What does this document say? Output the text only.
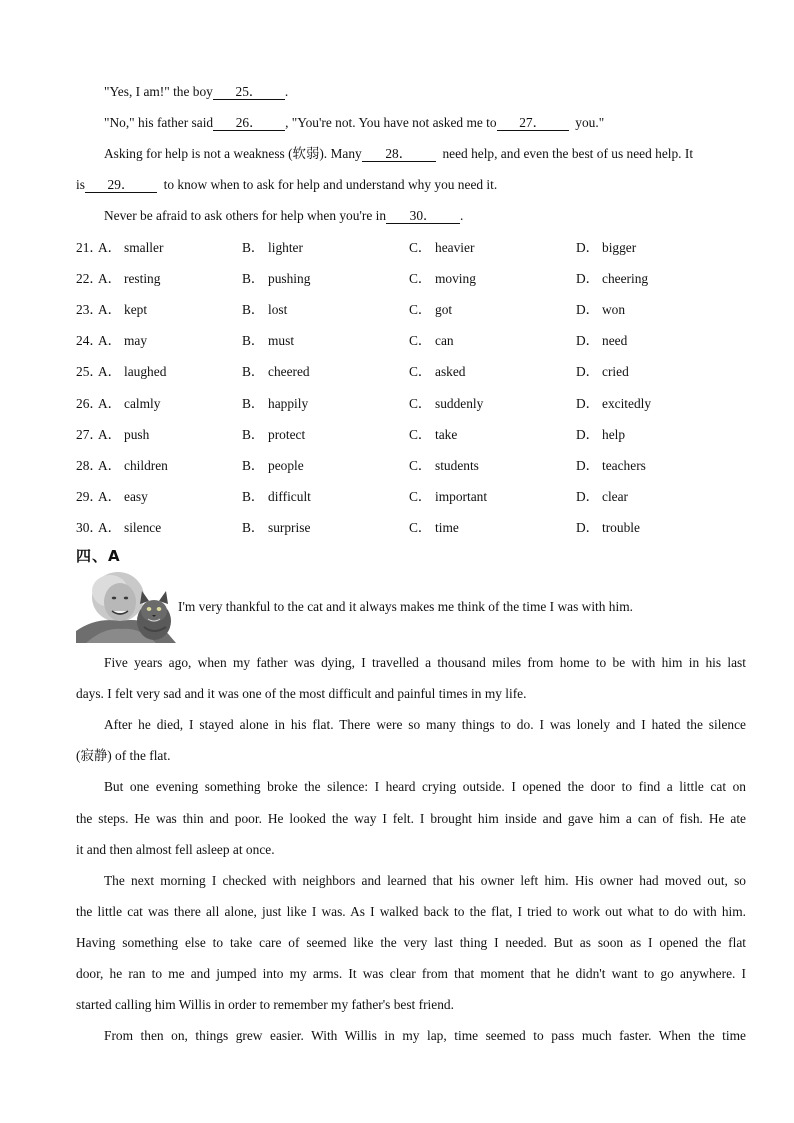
"Yes, I am!" the boy 25． .
"No," his father said 26． , "You're not. You have not asked me to 27． you."
Asking for help is not a weakness (软弱). Many 28． need help, and even the best of us need help. It
is 29． to know when to ask for help and understand why you need it.
Never be afraid to ask others for help when you're in 30． .
21．
A． smaller	B． lighter	C． heavier	D． bigger
22．
A． resting	B． pushing	C． moving	D． cheering
23．
A． kept	B． lost	C． got	D． won
24．
A． may	B． must	C． can	D． need
25．
A． laughed	B． cheered	C． asked	D． cried
26．
A． calmly	B． happily	C． suddenly	D． excitedly
27．
A． push	B． protect	C． take	D． help
28．
A． children	B． people	C． students	D． teachers
29．
A． easy	B． difficult	C． important	D． clear
30．
A． silence	B． surprise	C． time	D． trouble
四、A
I'm very thankful to the cat and it always makes me think of the time I was with him.
Five years ago, when my father was dying, I travelled a thousand miles from home to be with him in his last
days. I felt very sad and it was one of the most difficult and painful times in my life.
After he died, I stayed alone in his flat. There were so many things to do. I was lonely and I hated the silence
(寂静) of the flat.
But one evening something broke the silence: I heard crying outside. I opened the door to find a little cat on
the steps. He was thin and poor. He looked the way I felt. I brought him inside and gave him a can of fish. He ate
it and then almost fell asleep at once.
The next morning I checked with neighbors and learned that his owner left him. His owner had moved out, so
the little cat was there all alone, just like I was. As I walked back to the flat, I tried to work out what to do with him.
Having something else to take care of seemed like the very last thing I needed. But as soon as I opened the flat
door, he ran to me and jumped into my arms. It was clear from that moment that he didn't want to go anywhere. I
started calling him Willis in order to remember my father's best friend.
From then on, things grew easier. With Willis in my lap, time seemed to pass much faster. When the time
